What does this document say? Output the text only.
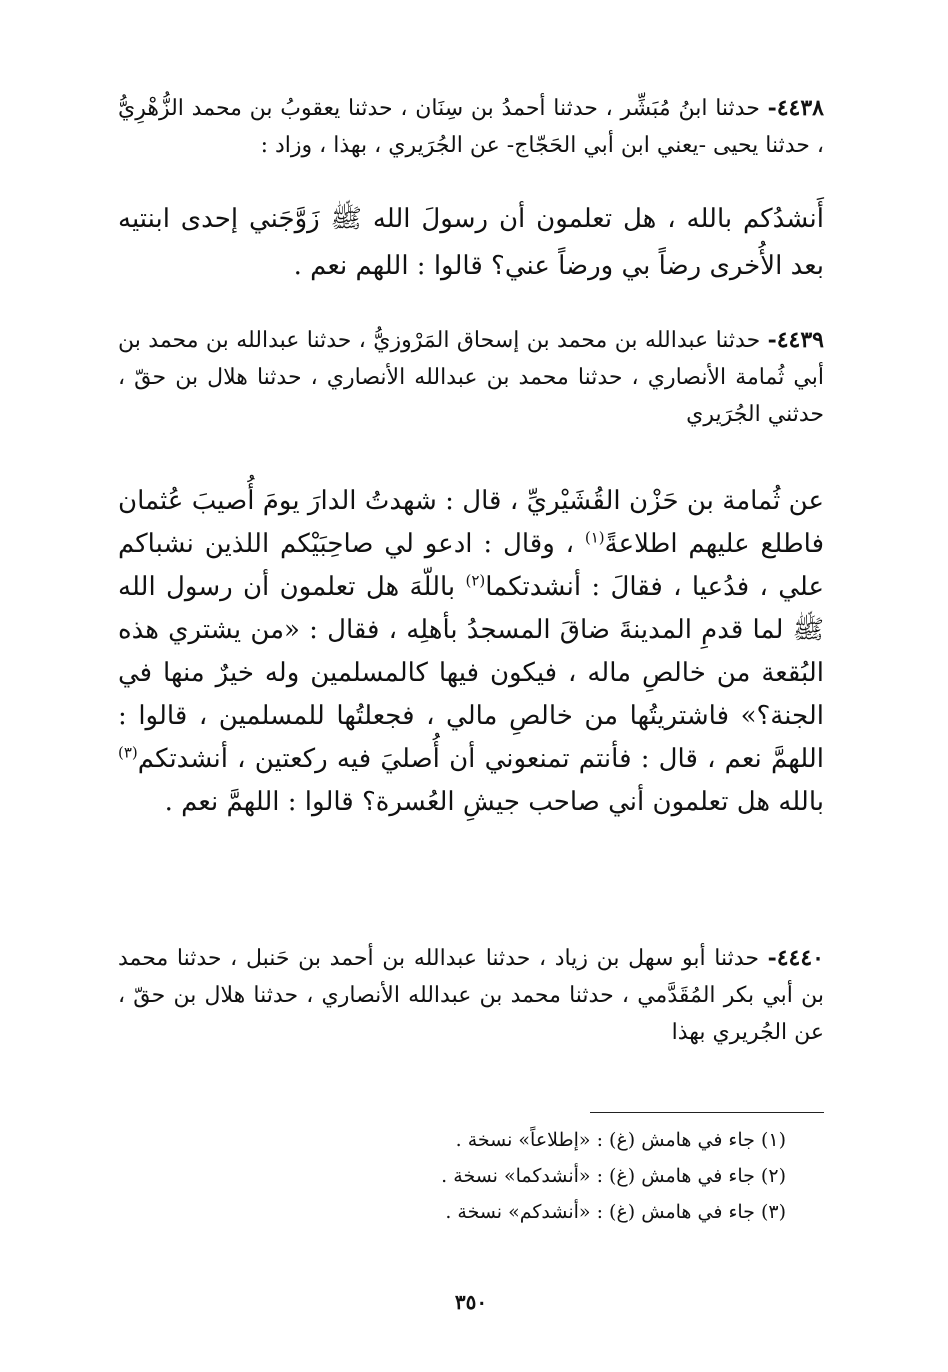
٤٤٣٨- حدثنا ابنُ مُبَشِّر ، حدثنا أحمدُ بن سِنَان ، حدثنا يعقوبُ بن محمد الزُّهْرِيُّ ، حدثنا يحيى -يعني ابن أبي الحَجّاج- عن الجُرَيري ، بهذا ، وزاد :

أَنشدُكم بالله ، هل تعلمون أن رسولَ الله ﷺ زَوَّجَني إحدى ابنتيه بعد الأُخرى رضاً بي ورضاً عني؟ قالوا : اللهم نعم .

٤٤٣٩- حدثنا عبدالله بن محمد بن إسحاق المَرْوزيُّ ، حدثنا عبدالله بن محمد بن أبي ثُمامة الأنصاري ، حدثنا محمد بن عبدالله الأنصاري ، حدثنا هلال بن حقّ ، حدثني الجُرَيري

عن ثُمامة بن حَزْن القُشَيْريِّ ، قال : شهدتُ الدارَ يومَ أُصيبَ عُثمان فاطلع عليهم اطلاعةً$^{(١)}$ ، وقال : ادعو لي صاحِبَيْكم اللذين نشباكم علي ، فدُعيا ، فقالَ : أنشدتكما$^{(٢)}$ باللّهَ هل تعلمون أن رسول الله ﷺ لما قدمِ المدينةَ ضاقَ المسجدُ بأهلِه ، فقال : «من يشتري هذه البُقعة من خالصِ ماله ، فيكون فيها كالمسلمين وله خيرٌ منها في الجنة؟» فاشتريتُها من خالصِ مالي ، فجعلتُها للمسلمين ، قالوا : اللهمَّ نعم ، قال : فأنتم تمنعوني أن أُصليَ فيه ركعتين ، أنشدتكم$^{(٣)}$ بالله هل تعلمون أني صاحب جيشِ العُسرة؟ قالوا : اللهمَّ نعم .

٤٤٤٠- حدثنا أبو سهل بن زياد ، حدثنا عبدالله بن أحمد بن حَنبل ، حدثنا محمد بن أبي بكر المُقَدَّمي ، حدثنا محمد بن عبدالله الأنصاري ، حدثنا هلال بن حقّ ، عن الجُريري بهذا

(١) جاء في هامش (غ) : «إطلاعاً» نسخة .
(٢) جاء في هامش (غ) : «أنشدكما» نسخة .
(٣) جاء في هامش (غ) : «أنشدكم» نسخة .
٣٥٠
